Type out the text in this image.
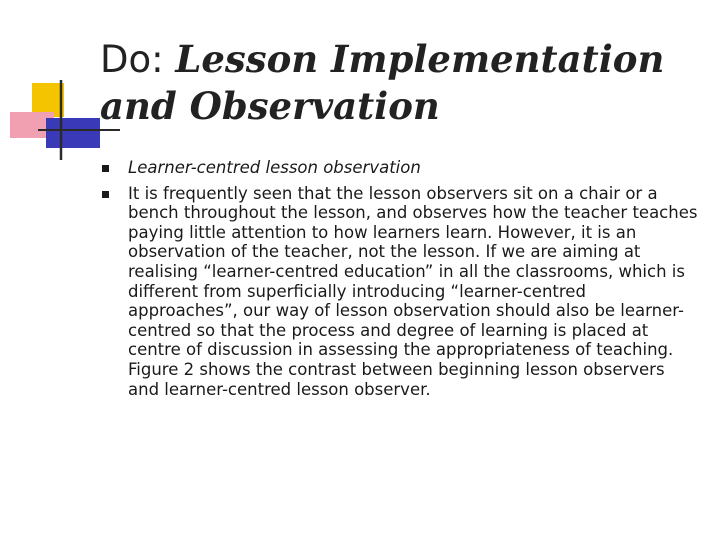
Do: Lesson Implementation and Observation
Learner-centred lesson observation
It is frequently seen that the lesson observers sit on a chair or a bench throughout the lesson, and observes how the teacher teaches paying little attention to how learners learn. However, it is an observation of the teacher, not the lesson. If we are aiming at realising “learner-centred education” in all the classrooms, which is different from superficially introducing “learner-centred approaches”, our way of lesson observation should also be learner-centred so that the process and degree of learning is placed at centre of discussion in assessing the appropriateness of teaching. Figure 2 shows the contrast between beginning lesson observers and learner-centred lesson observer.
